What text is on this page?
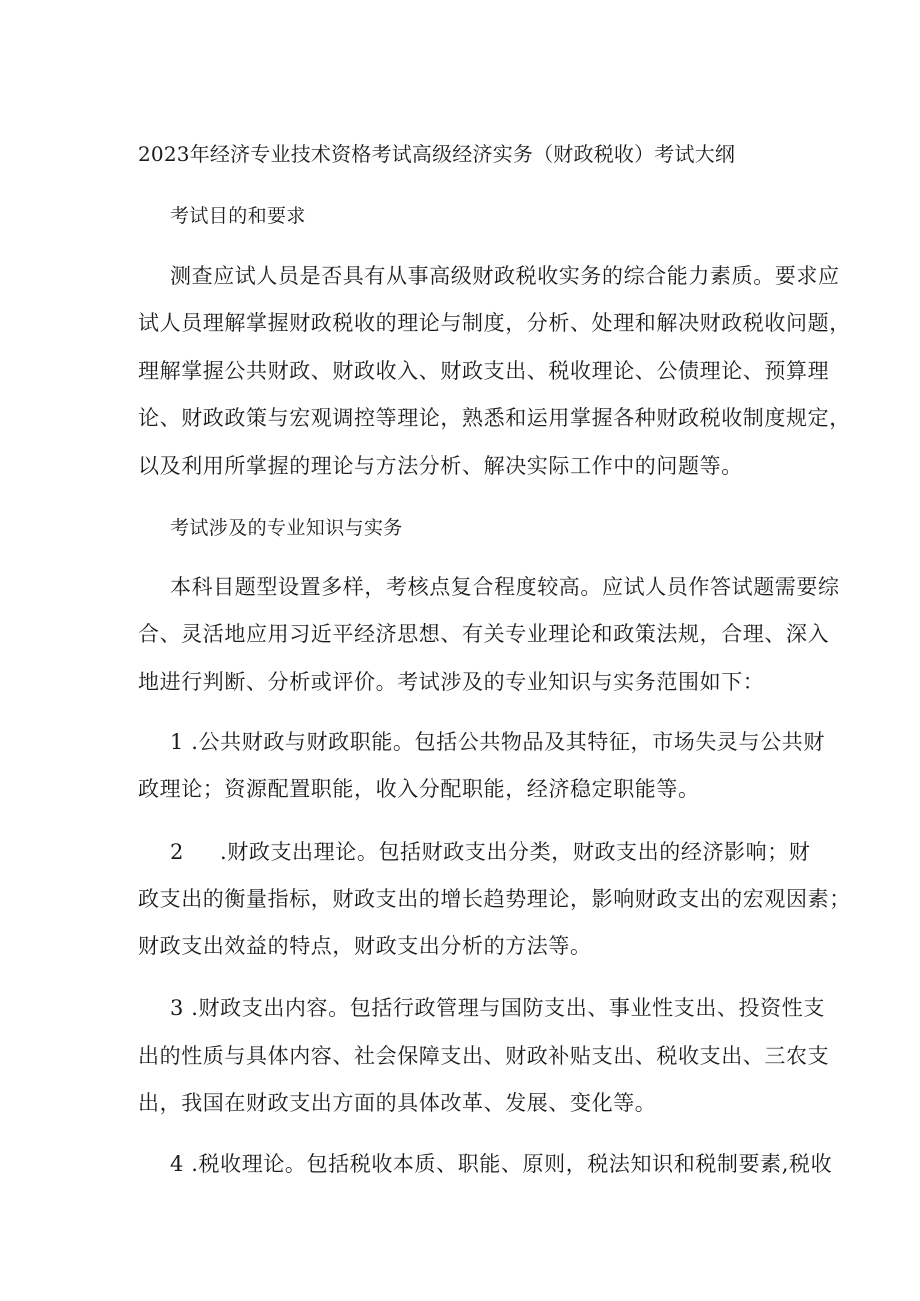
2023年经济专业技术资格考试高级经济实务（财政税收）考试大纲
考试目的和要求
测查应试人员是否具有从事高级财政税收实务的综合能力素质。要求应
试人员理解掌握财政税收的理论与制度，分析、处理和解决财政税收问题，
理解掌握公共财政、财政收入、财政支出、税收理论、公债理论、预算理
论、财政政策与宏观调控等理论，熟悉和运用掌握各种财政税收制度规定，
以及利用所掌握的理论与方法分析、解决实际工作中的问题等。
考试涉及的专业知识与实务
本科目题型设置多样，考核点复合程度较高。应试人员作答试题需要综
合、灵活地应用习近平经济思想、有关专业理论和政策法规，合理、深入
地进行判断、分析或评价。考试涉及的专业知识与实务范围如下：
1 .公共财政与财政职能。包括公共物品及其特征，市场失灵与公共财
政理论；资源配置职能，收入分配职能，经济稳定职能等。
2 .财政支出理论。包括财政支出分类，财政支出的经济影响；财
政支出的衡量指标，财政支出的增长趋势理论，影响财政支出的宏观因素；
财政支出效益的特点，财政支出分析的方法等。
3 .财政支出内容。包括行政管理与国防支出、事业性支出、投资性支
出的性质与具体内容、社会保障支出、财政补贴支出、税收支出、三农支
出，我国在财政支出方面的具体改革、发展、变化等。
4 .税收理论。包括税收本质、职能、原则，税法知识和税制要素,税收
